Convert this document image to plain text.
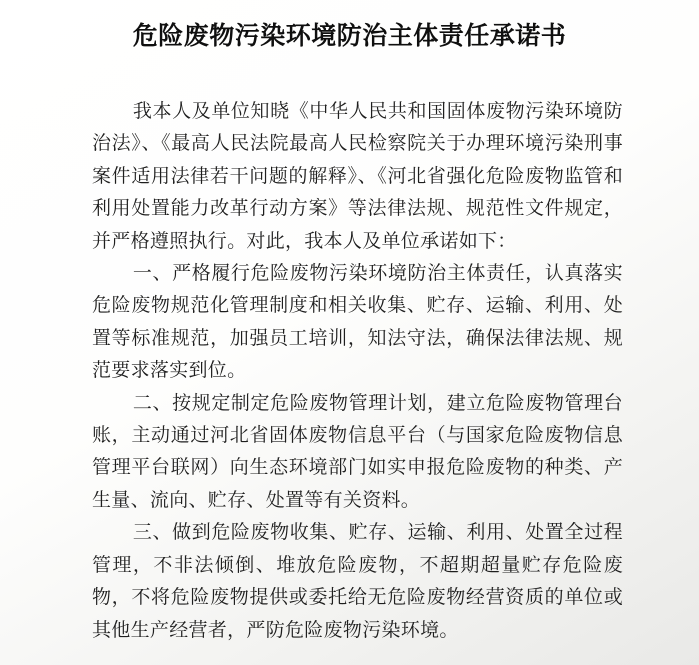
危险废物污染环境防治主体责任承诺书

我本人及单位知晓《中华人民共和国固体废物污染环境防治法》、《最高人民法院最高人民检察院关于办理环境污染刑事案件适用法律若干问题的解释》、《河北省强化危险废物监管和利用处置能力改革行动方案》等法律法规、规范性文件规定，并严格遵照执行。对此，我本人及单位承诺如下：

一、严格履行危险废物污染环境防治主体责任，认真落实危险废物规范化管理制度和相关收集、贮存、运输、利用、处置等标准规范，加强员工培训，知法守法，确保法律法规、规范要求落实到位。

二、按规定制定危险废物管理计划，建立危险废物管理台账，主动通过河北省固体废物信息平台（与国家危险废物信息管理平台联网）向生态环境部门如实申报危险废物的种类、产生量、流向、贮存、处置等有关资料。

三、做到危险废物收集、贮存、运输、利用、处置全过程管理，不非法倾倒、堆放危险废物，不超期超量贮存危险废物，不将危险废物提供或委托给无危险废物经营资质的单位或其他生产经营者，严防危险废物污染环境。
